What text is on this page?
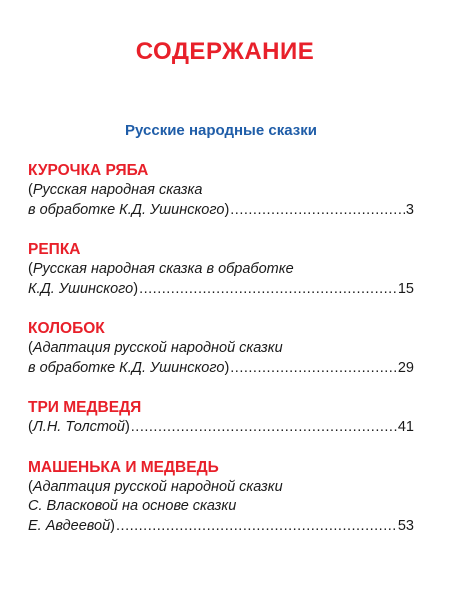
СОДЕРЖАНИЕ
Русские народные сказки
КУРОЧКА РЯБА
(Русская народная сказка
в обработке К.Д. Ушинского) .....	3
РЕПКА
(Русская народная сказка в обработке
К.Д. Ушинского) .....	15
КОЛОБОК
(Адаптация русской народной сказки
в обработке К.Д. Ушинского) .....	29
ТРИ МЕДВЕДЯ
(Л.Н. Толстой) .....	41
МАШЕНЬКА И МЕДВЕДЬ
(Адаптация русской народной сказки
С. Власковой на основе сказки
Е. Авдеевой) .....	53
